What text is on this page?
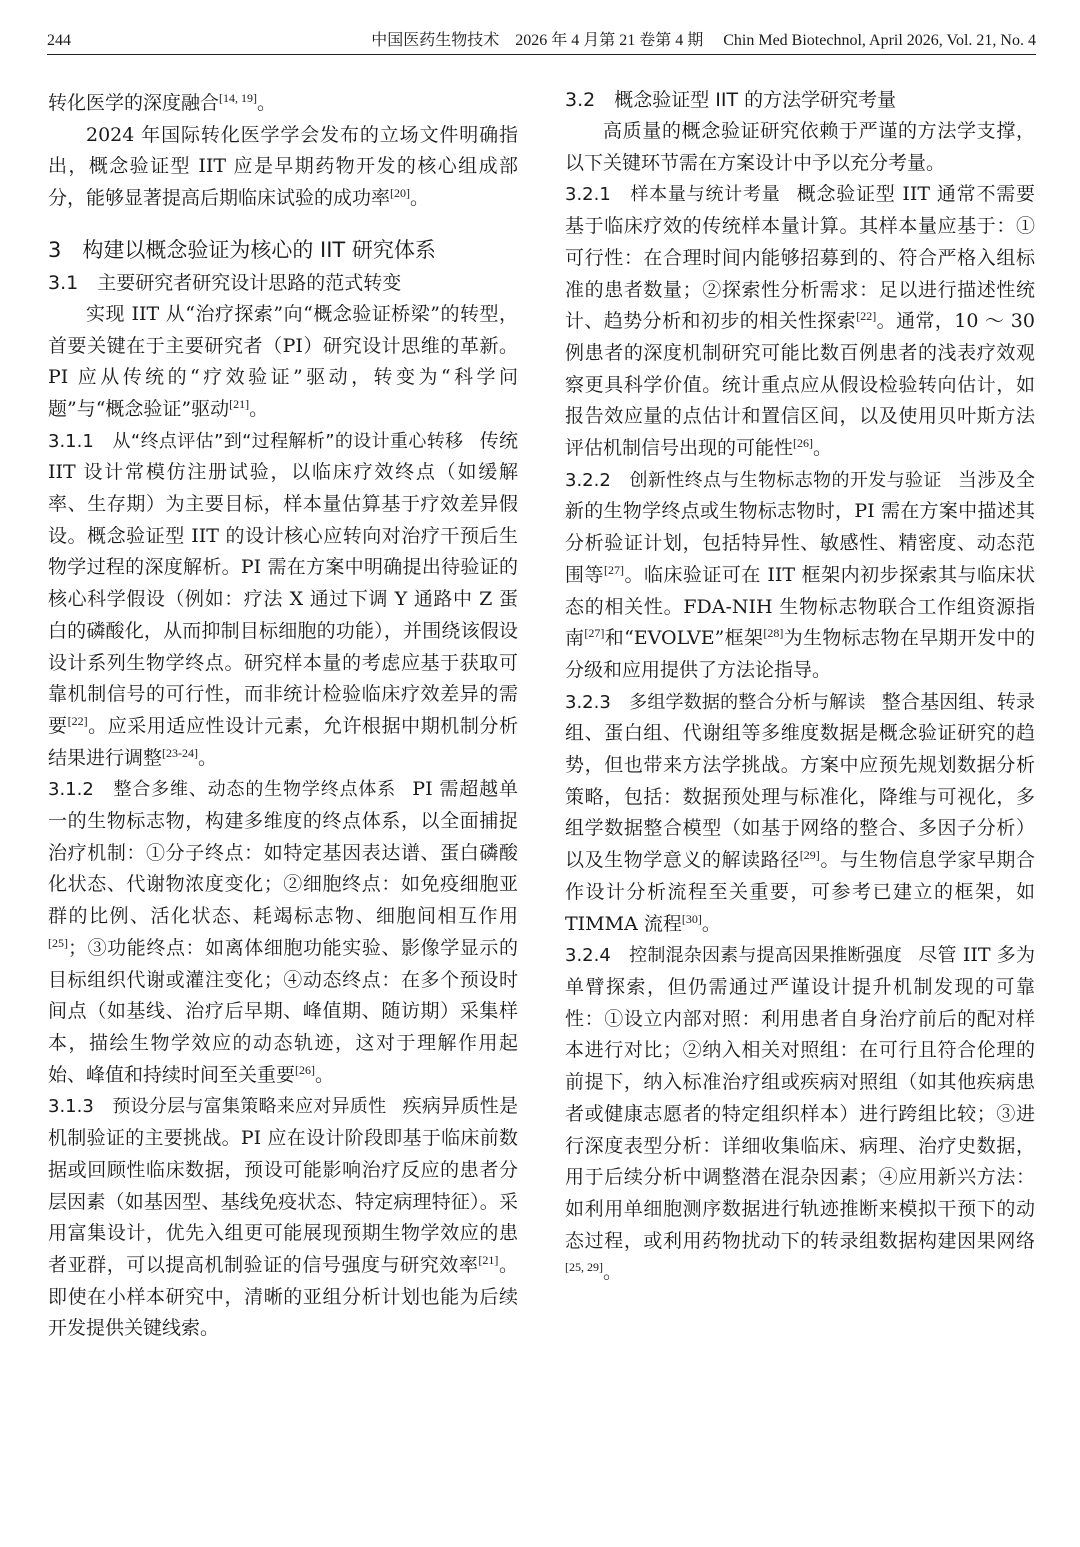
244	中国医药生物技术　2026 年 4 月第 21 卷第 4 期　 Chin Med Biotechnol, April 2026, Vol. 21, No. 4

转化医学的深度融合[14, 19]。

2024 年国际转化医学学会发布的立场文件明确指出，概念验证型 IIT 应是早期药物开发的核心组成部分，能够显著提高后期临床试验的成功率[20]。

3　构建以概念验证为核心的 IIT 研究体系
3.1　主要研究者研究设计思路的范式转变

实现 IIT 从“治疗探索”向“概念验证桥梁”的转型，首要关键在于主要研究者（PI）研究设计思维的革新。PI 应从传统的“疗效验证”驱动，转变为“科学问题”与“概念验证”驱动[21]。

3.1.1　从“终点评估”到“过程解析”的设计重心转移 传统 IIT 设计常模仿注册试验，以临床疗效终点（如缓解率、生存期）为主要目标，样本量估算基于疗效差异假设。概念验证型 IIT 的设计核心应转向对治疗干预后生物学过程的深度解析。PI 需在方案中明确提出待验证的核心科学假设（例如：疗法 X 通过下调 Y 通路中 Z 蛋白的磷酸化，从而抑制目标细胞的功能），并围绕该假设设计系列生物学终点。研究样本量的考虑应基于获取可靠机制信号的可行性，而非统计检验临床疗效差异的需要[22]。应采用适应性设计元素，允许根据中期机制分析结果进行调整[23-24]。

3.1.2　整合多维、动态的生物学终点体系 PI 需超越单一的生物标志物，构建多维度的终点体系，以全面捕捉治疗机制：①分子终点：如特定基因表达谱、蛋白磷酸化状态、代谢物浓度变化；②细胞终点：如免疫细胞亚群的比例、活化状态、耗竭标志物、细胞间相互作用[25]；③功能终点：如离体细胞功能实验、影像学显示的目标组织代谢或灌注变化；④动态终点：在多个预设时间点（如基线、治疗后早期、峰值期、随访期）采集样本，描绘生物学效应的动态轨迹，这对于理解作用起始、峰值和持续时间至关重要[26]。

3.1.3　预设分层与富集策略来应对异质性 疾病异质性是机制验证的主要挑战。PI 应在设计阶段即基于临床前数据或回顾性临床数据，预设可能影响治疗反应的患者分层因素（如基因型、基线免疫状态、特定病理特征）。采用富集设计，优先入组更可能展现预期生物学效应的患者亚群，可以提高机制验证的信号强度与研究效率[21]。即使在小样本研究中，清晰的亚组分析计划也能为后续开发提供关键线索。

3.2　概念验证型 IIT 的方法学研究考量

高质量的概念验证研究依赖于严谨的方法学支撑，以下关键环节需在方案设计中予以充分考量。

3.2.1　样本量与统计考量 概念验证型 IIT 通常不需要基于临床疗效的传统样本量计算。其样本量应基于：①可行性：在合理时间内能够招募到的、符合严格入组标准的患者数量；②探索性分析需求：足以进行描述性统计、趋势分析和初步的相关性探索[22]。通常，10 ～ 30 例患者的深度机制研究可能比数百例患者的浅表疗效观察更具科学价值。统计重点应从假设检验转向估计，如报告效应量的点估计和置信区间，以及使用贝叶斯方法评估机制信号出现的可能性[26]。

3.2.2　创新性终点与生物标志物的开发与验证 当涉及全新的生物学终点或生物标志物时，PI 需在方案中描述其分析验证计划，包括特异性、敏感性、精密度、动态范围等[27]。临床验证可在 IIT 框架内初步探索其与临床状态的相关性。FDA-NIH 生物标志物联合工作组资源指南[27]和“EVOLVE”框架[28]为生物标志物在早期开发中的分级和应用提供了方法论指导。

3.2.3　多组学数据的整合分析与解读 整合基因组、转录组、蛋白组、代谢组等多维度数据是概念验证研究的趋势，但也带来方法学挑战。方案中应预先规划数据分析策略，包括：数据预处理与标准化，降维与可视化，多组学数据整合模型（如基于网络的整合、多因子分析）以及生物学意义的解读路径[29]。与生物信息学家早期合作设计分析流程至关重要，可参考已建立的框架，如 TIMMA 流程[30]。

3.2.4　控制混杂因素与提高因果推断强度 尽管 IIT 多为单臂探索，但仍需通过严谨设计提升机制发现的可靠性：①设立内部对照：利用患者自身治疗前后的配对样本进行对比；②纳入相关对照组：在可行且符合伦理的前提下，纳入标准治疗组或疾病对照组（如其他疾病患者或健康志愿者的特定组织样本）进行跨组比较；③进行深度表型分析：详细收集临床、病理、治疗史数据，用于后续分析中调整潜在混杂因素；④应用新兴方法：如利用单细胞测序数据进行轨迹推断来模拟干预下的动态过程，或利用药物扰动下的转录组数据构建因果网络[25, 29]。
